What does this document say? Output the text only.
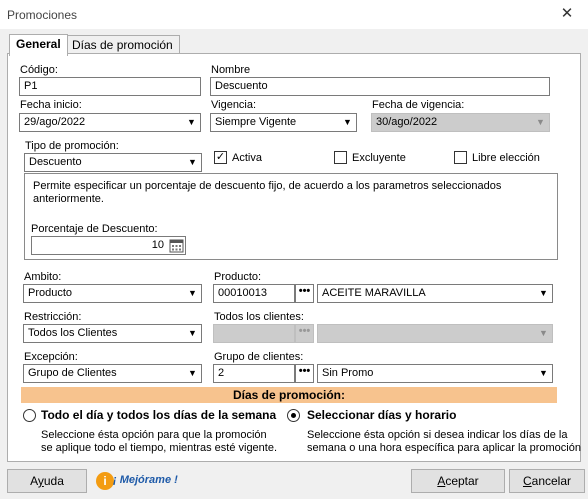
Promociones	✕
General Días de promoción
Código:
P1
Nombre
Descuento
Fecha inicio:
29/ago/2022	▼
Vigencia:
Siempre Vigente	▼
Fecha de vigencia:
30/ago/2022	▼
Tipo de promoción:
Descuento	▼ ✓ Activa	Excluyente	Libre elección
Permite especificar un porcentaje de descuento fijo, de acuerdo a los parametros seleccionados anteriormente.
Porcentaje de Descuento:
10
Ambito:
Producto	▼
Producto:
00010013	•••	ACEITE MARAVILLA	▼
Restricción:
Todos los Clientes	▼
Todos los clientes:
•••	▼
Excepción:
Grupo de Clientes	▼
Grupo de clientes:
2	•••	Sin Promo	▼
Días de promoción:
Todo el día y todos los días de la semana
Seleccione ésta opción para que la promoción
se aplique todo el tiempo, mientras esté vigente.
Seleccionar días y horario
Seleccione ésta opción si desea indicar los días de la
semana o una hora específica para aplicar la promoción
Ayuda	i ¡ Mejórame !	Aceptar	Cancelar
